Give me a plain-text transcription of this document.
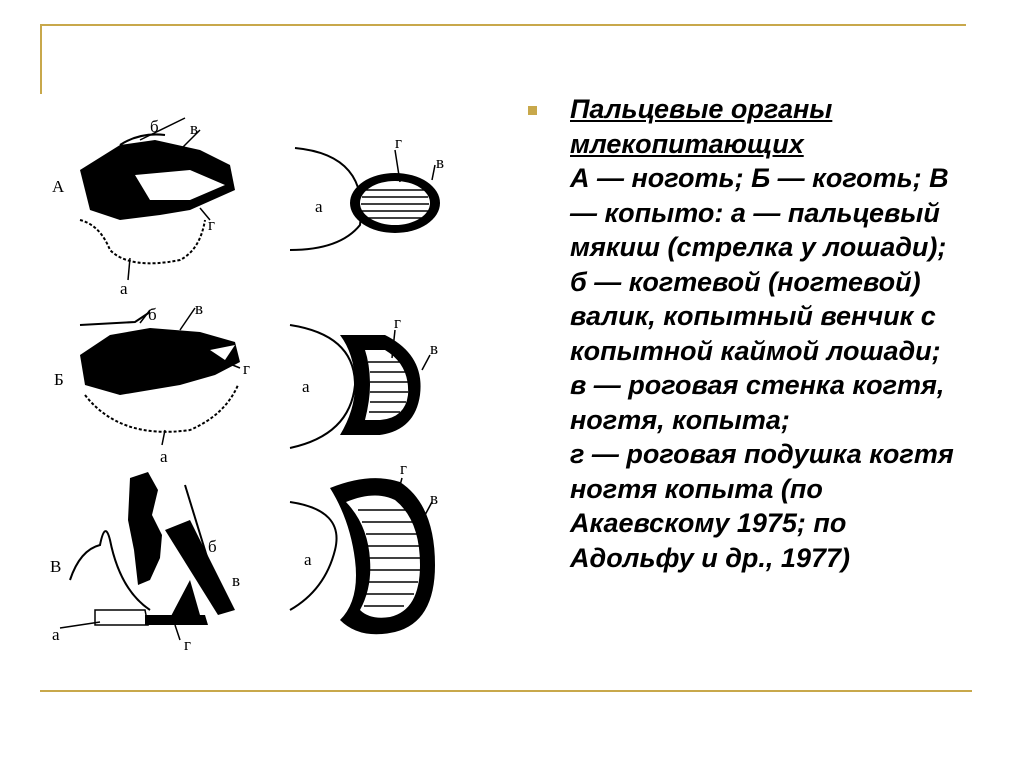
А
б в
г
а
а
г
в
Б
б в
г
а
а
г
в
В
б
в
а
г
а
г
в
Пальцевые органы млекопитающих
А — ноготь; Б — коготь; В — копыто: а — пальцевый мякиш (стрелка у лошади);
б — когтевой (ногтевой) валик, копытный венчик с копытной каймой лошади;
в — роговая стенка когтя, ногтя, копыта;
г — роговая подушка когтя ногтя копыта (по Акаевскому 1975; по Адольфу и др., 1977)
